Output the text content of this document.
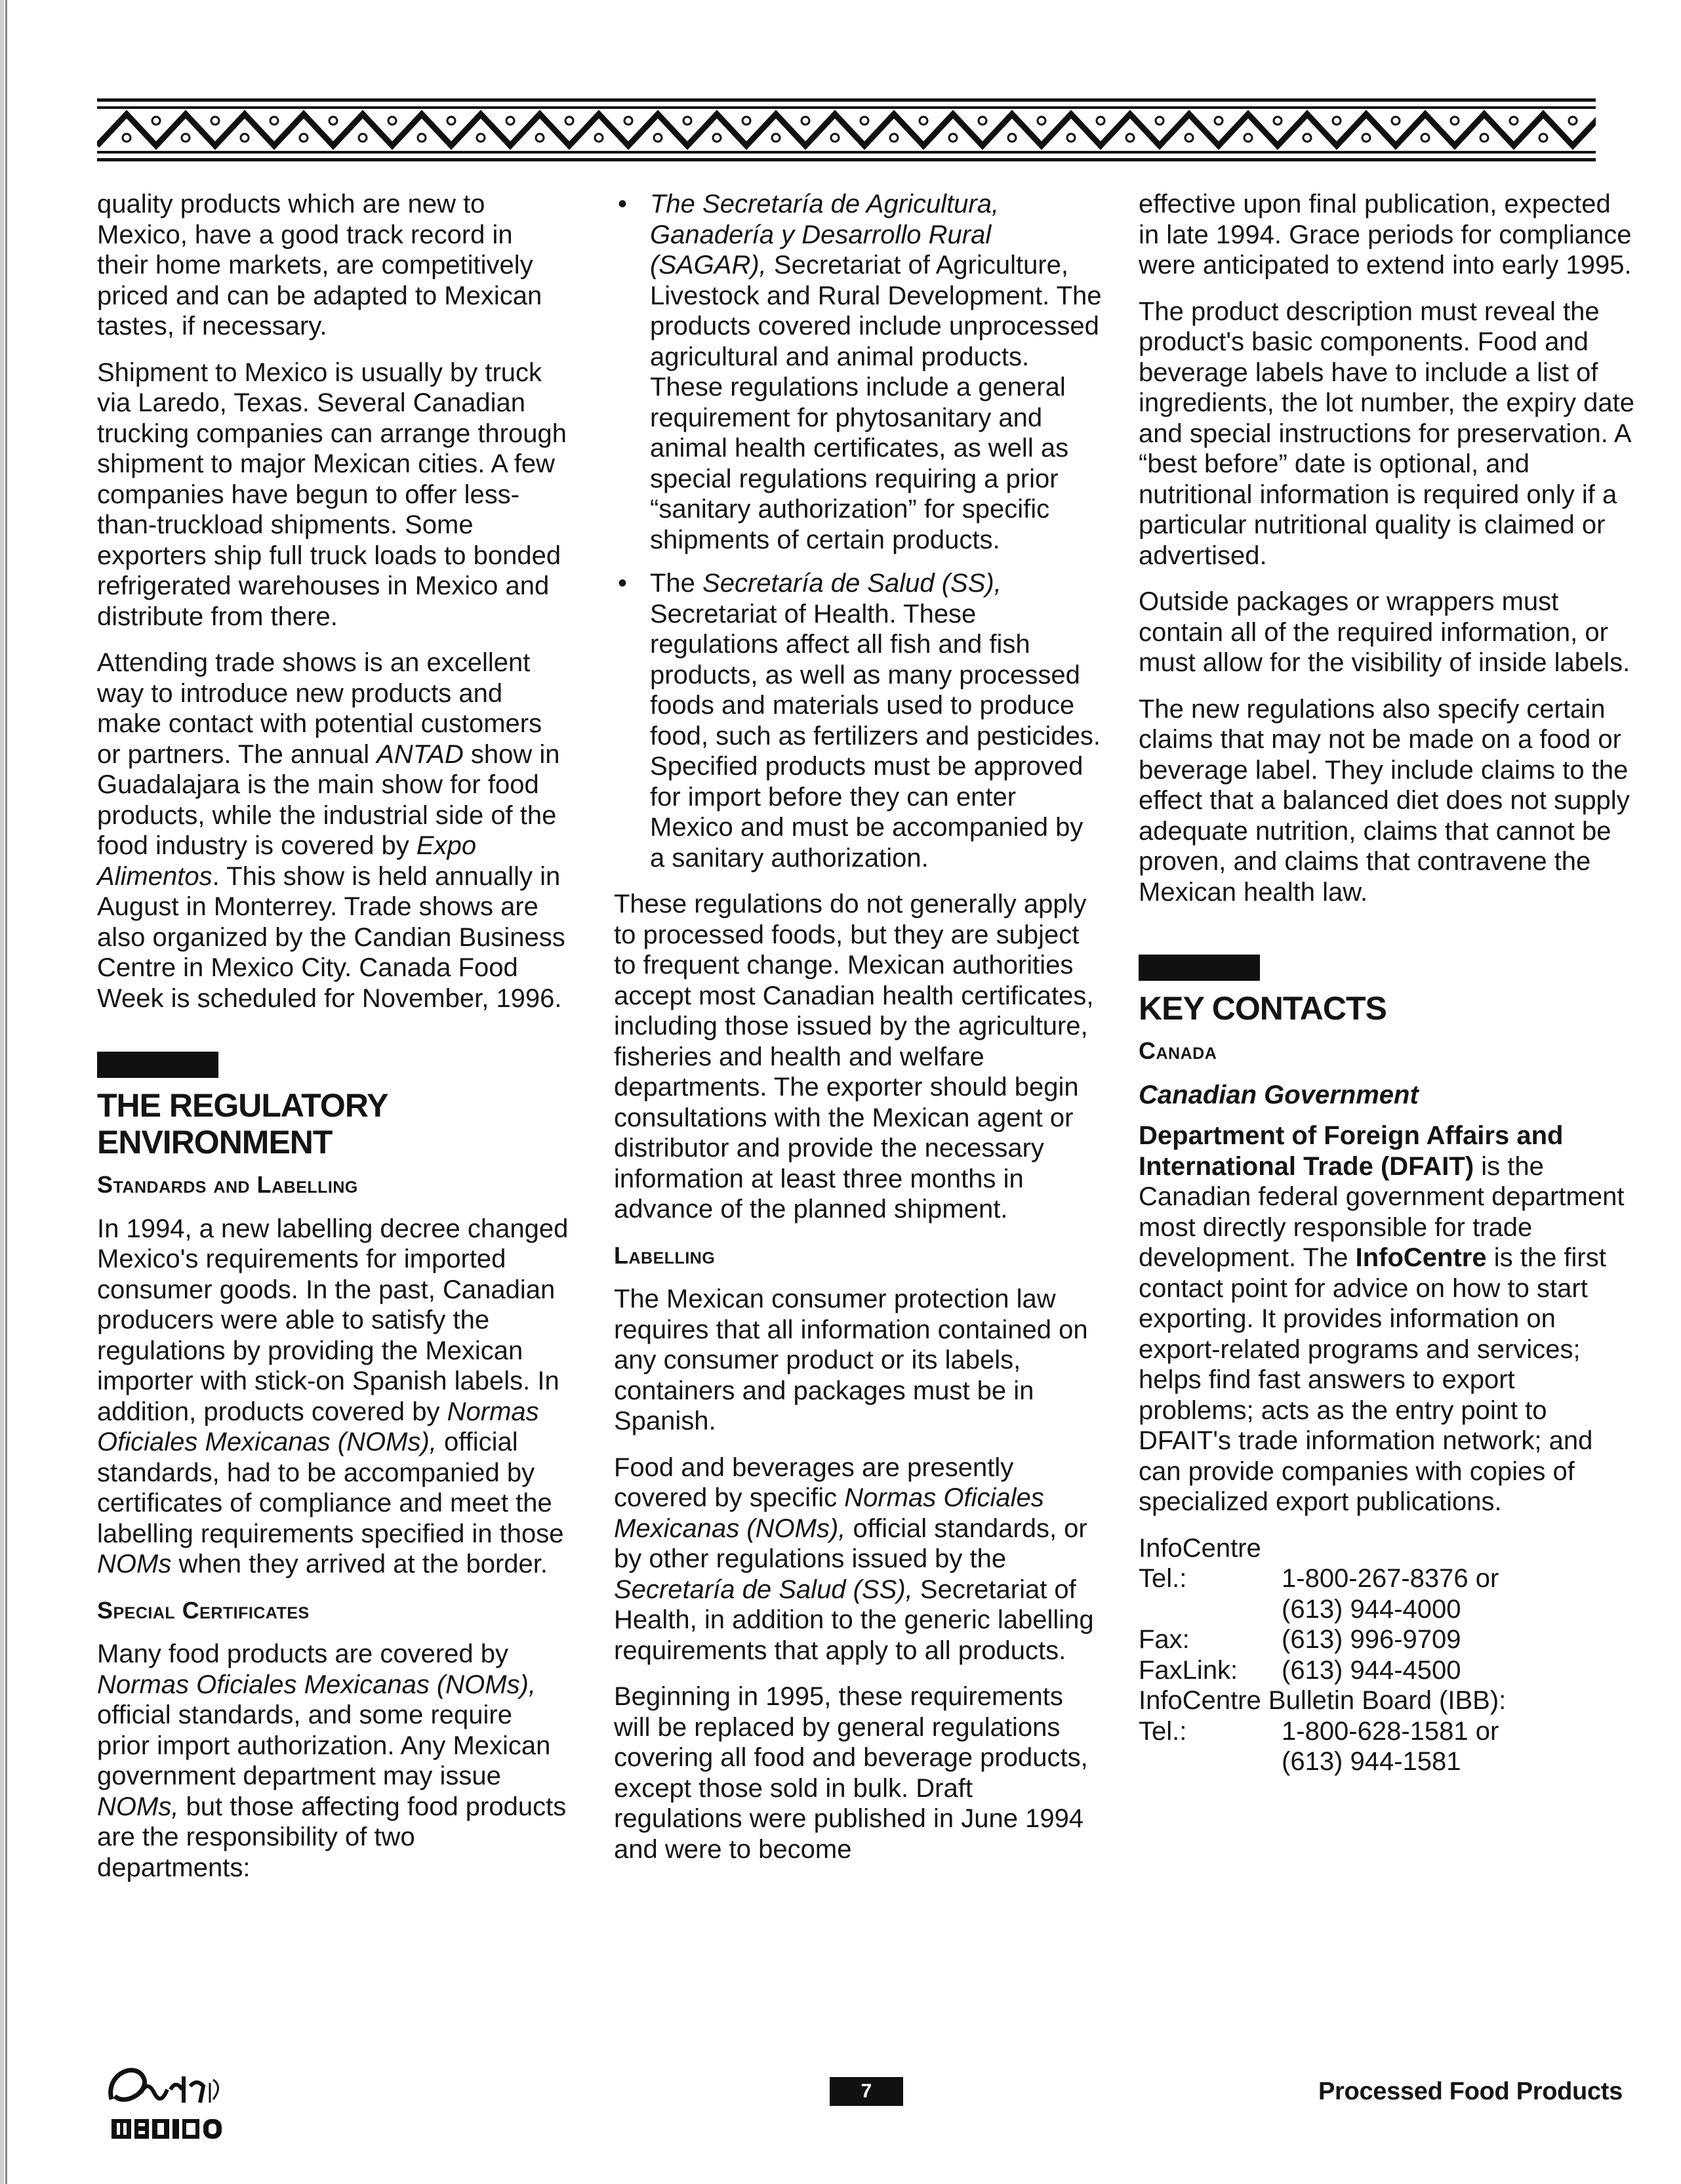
quality products which are new to Mexico, have a good track record in their home markets, are competitively priced and can be adapted to Mexican tastes, if necessary.

Shipment to Mexico is usually by truck via Laredo, Texas. Several Canadian trucking companies can arrange through shipment to major Mexican cities. A few companies have begun to offer less-than-truckload shipments. Some exporters ship full truck loads to bonded refrigerated warehouses in Mexico and distribute from there.

Attending trade shows is an excellent way to introduce new products and make contact with potential customers or partners. The annual ANTAD show in Guadalajara is the main show for food products, while the industrial side of the food industry is covered by Expo Alimentos. This show is held annually in August in Monterrey. Trade shows are also organized by the Candian Business Centre in Mexico City. Canada Food Week is scheduled for November, 1996.

THE REGULATORY
ENVIRONMENT
Standards and Labelling

In 1994, a new labelling decree changed Mexico's requirements for imported consumer goods. In the past, Canadian producers were able to satisfy the regulations by providing the Mexican importer with stick-on Spanish labels. In addition, products covered by Normas Oficiales Mexicanas (NOMs), official standards, had to be accompanied by certificates of compliance and meet the labelling requirements specified in those NOMs when they arrived at the border.

Special Certificates

Many food products are covered by Normas Oficiales Mexicanas (NOMs), official standards, and some require prior import authorization. Any Mexican government department may issue NOMs, but those affecting food products are the responsibility of two departments:

• The Secretaría de Agricultura, Ganadería y Desarrollo Rural (SAGAR), Secretariat of Agriculture, Livestock and Rural Development. The products covered include unprocessed agricultural and animal products. These regulations include a general requirement for phytosanitary and animal health certificates, as well as special regulations requiring a prior “sanitary authorization” for specific shipments of certain products.
• The Secretaría de Salud (SS), Secretariat of Health. These regulations affect all fish and fish products, as well as many processed foods and materials used to produce food, such as fertilizers and pesticides. Specified products must be approved for import before they can enter Mexico and must be accompanied by a sanitary authorization.

These regulations do not generally apply to processed foods, but they are subject to frequent change. Mexican authorities accept most Canadian health certificates, including those issued by the agriculture, fisheries and health and welfare departments. The exporter should begin consultations with the Mexican agent or distributor and provide the necessary information at least three months in advance of the planned shipment.

Labelling

The Mexican consumer protection law requires that all information contained on any consumer product or its labels, containers and packages must be in Spanish.

Food and beverages are presently covered by specific Normas Oficiales Mexicanas (NOMs), official standards, or by other regulations issued by the Secretaría de Salud (SS), Secretariat of Health, in addition to the generic labelling requirements that apply to all products.

Beginning in 1995, these requirements will be replaced by general regulations covering all food and beverage products, except those sold in bulk. Draft regulations were published in June 1994 and were to become

effective upon final publication, expected in late 1994. Grace periods for compliance were anticipated to extend into early 1995.

The product description must reveal the product's basic components. Food and beverage labels have to include a list of ingredients, the lot number, the expiry date and special instructions for preservation. A “best before” date is optional, and nutritional information is required only if a particular nutritional quality is claimed or advertised.

Outside packages or wrappers must contain all of the required information, or must allow for the visibility of inside labels.

The new regulations also specify certain claims that may not be made on a food or beverage label. They include claims to the effect that a balanced diet does not supply adequate nutrition, claims that cannot be proven, and claims that contravene the Mexican health law.

KEY CONTACTS
Canada
Canadian Government

Department of Foreign Affairs and International Trade (DFAIT) is the Canadian federal government department most directly responsible for trade development. The InfoCentre is the first contact point for advice on how to start exporting. It provides information on export-related programs and services; helps find fast answers to export problems; acts as the entry point to DFAIT's trade information network; and can provide companies with copies of specialized export publications.

InfoCentre
Tel.:	1-800-267-8376 or
(613) 944-4000
Fax:	(613) 996-9709
FaxLink:	(613) 944-4500
InfoCentre Bulletin Board (IBB):
Tel.:	1-800-628-1581 or
(613) 944-1581
7	Processed Food Products
